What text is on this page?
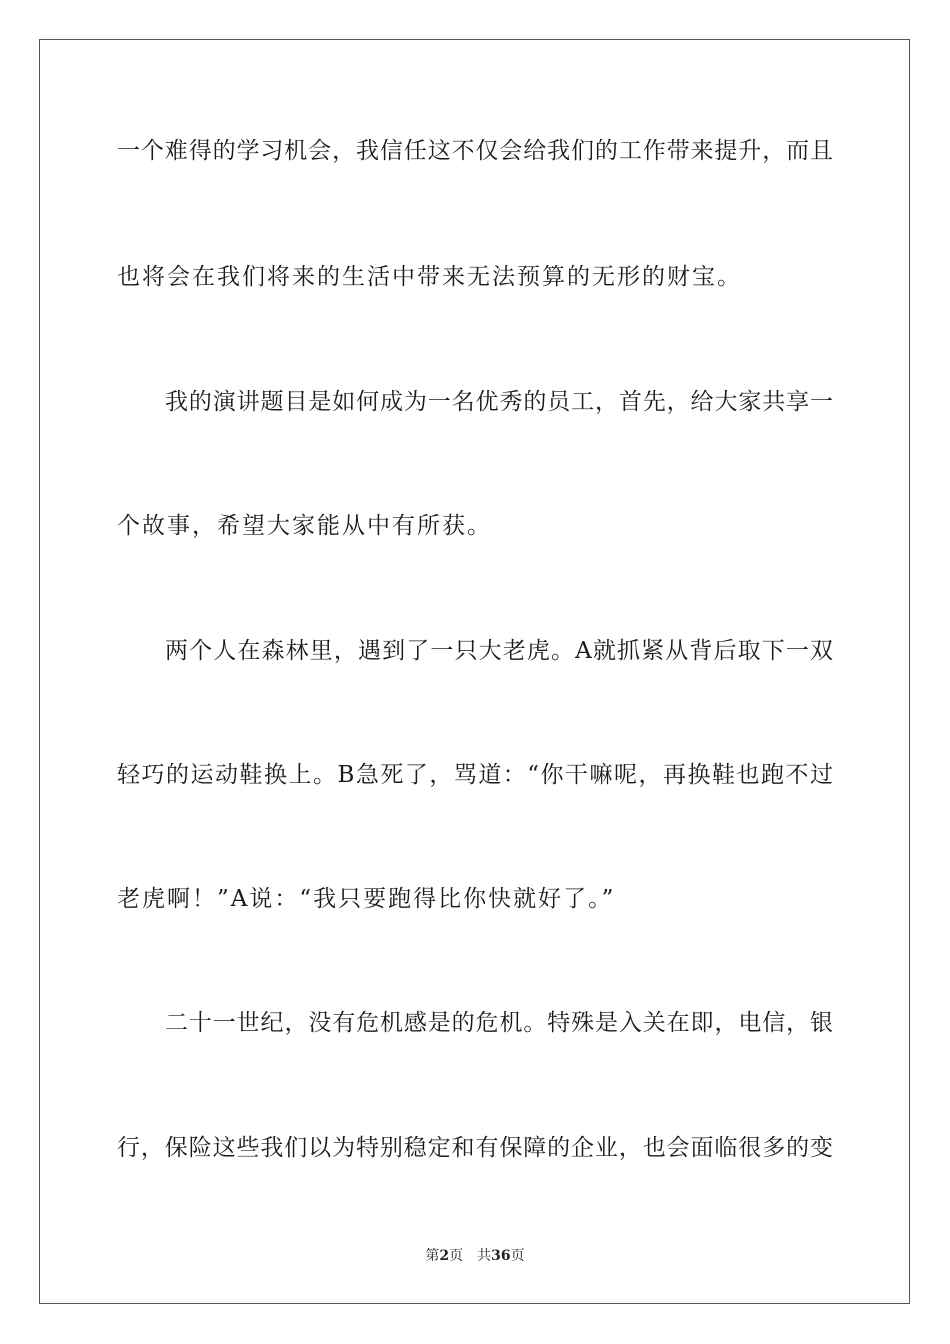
一个难得的学习机会，我信任这不仅会给我们的工作带来提升，而且
也将会在我们将来的生活中带来无法预算的无形的财宝。
我的演讲题目是如何成为一名优秀的员工，首先，给大家共享一
个故事，希望大家能从中有所获。
两个人在森林里，遇到了一只大老虎。A就抓紧从背后取下一双
轻巧的运动鞋换上。B急死了，骂道：“你干嘛呢，再换鞋也跑不过
老虎啊！”A说：“我只要跑得比你快就好了。”
二十一世纪，没有危机感是的危机。特殊是入关在即，电信，银
行，保险这些我们以为特别稳定和有保障的企业，也会面临很多的变
第2页 共36页
